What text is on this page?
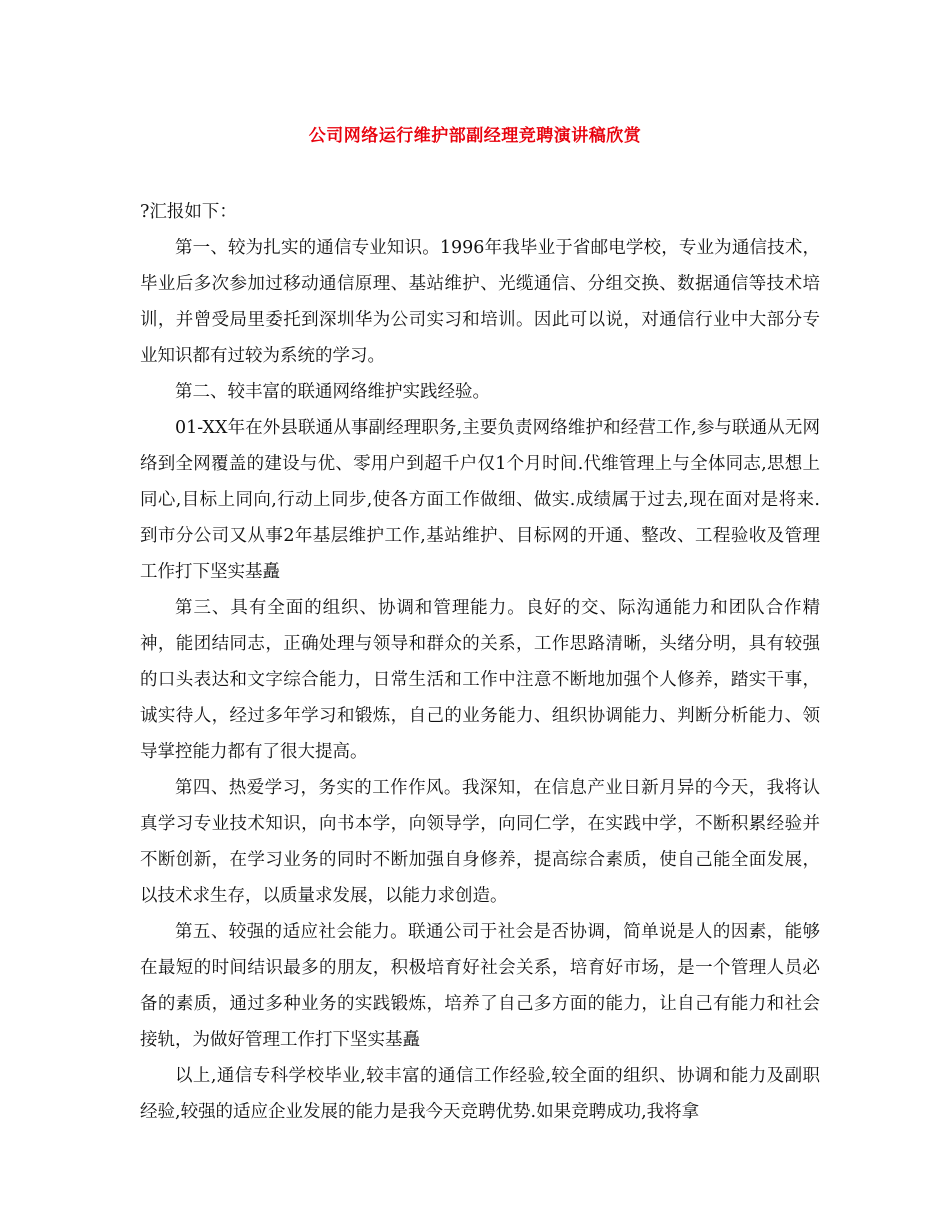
公司网络运行维护部副经理竞聘演讲稿欣赏

?汇报如下：

第一、较为扎实的通信专业知识。1996年我毕业于省邮电学校，专业为通信技术，毕业后多次参加过移动通信原理、基站维护、光缆通信、分组交换、数据通信等技术培训，并曾受局里委托到深圳华为公司实习和培训。因此可以说，对通信行业中大部分专业知识都有过较为系统的学习。

第二、较丰富的联通网络维护实践经验。

01-XX年在外县联通从事副经理职务,主要负责网络维护和经营工作,参与联通从无网络到全网覆盖的建设与优、零用户到超千户仅1个月时间.代维管理上与全体同志,思想上同心,目标上同向,行动上同步,使各方面工作做细、做实.成绩属于过去,现在面对是将来.到市分公司又从事2年基层维护工作,基站维护、目标网的开通、整改、工程验收及管理工作打下坚实基矗

第三、具有全面的组织、协调和管理能力。良好的交、际沟通能力和团队合作精神，能团结同志，正确处理与领导和群众的关系，工作思路清晰，头绪分明，具有较强的口头表达和文字综合能力，日常生活和工作中注意不断地加强个人修养，踏实干事，诚实待人，经过多年学习和锻炼，自己的业务能力、组织协调能力、判断分析能力、领导掌控能力都有了很大提高。

第四、热爱学习，务实的工作作风。我深知，在信息产业日新月异的今天，我将认真学习专业技术知识，向书本学，向领导学，向同仁学，在实践中学，不断积累经验并不断创新，在学习业务的同时不断加强自身修养，提高综合素质，使自己能全面发展，以技术求生存，以质量求发展，以能力求创造。

第五、较强的适应社会能力。联通公司于社会是否协调，简单说是人的因素，能够在最短的时间结识最多的朋友，积极培育好社会关系，培育好市场，是一个管理人员必备的素质，通过多种业务的实践锻炼，培养了自己多方面的能力，让自己有能力和社会接轨，为做好管理工作打下坚实基矗

以上,通信专科学校毕业,较丰富的通信工作经验,较全面的组织、协调和能力及副职经验,较强的适应企业发展的能力是我今天竞聘优势.如果竞聘成功,我将拿
